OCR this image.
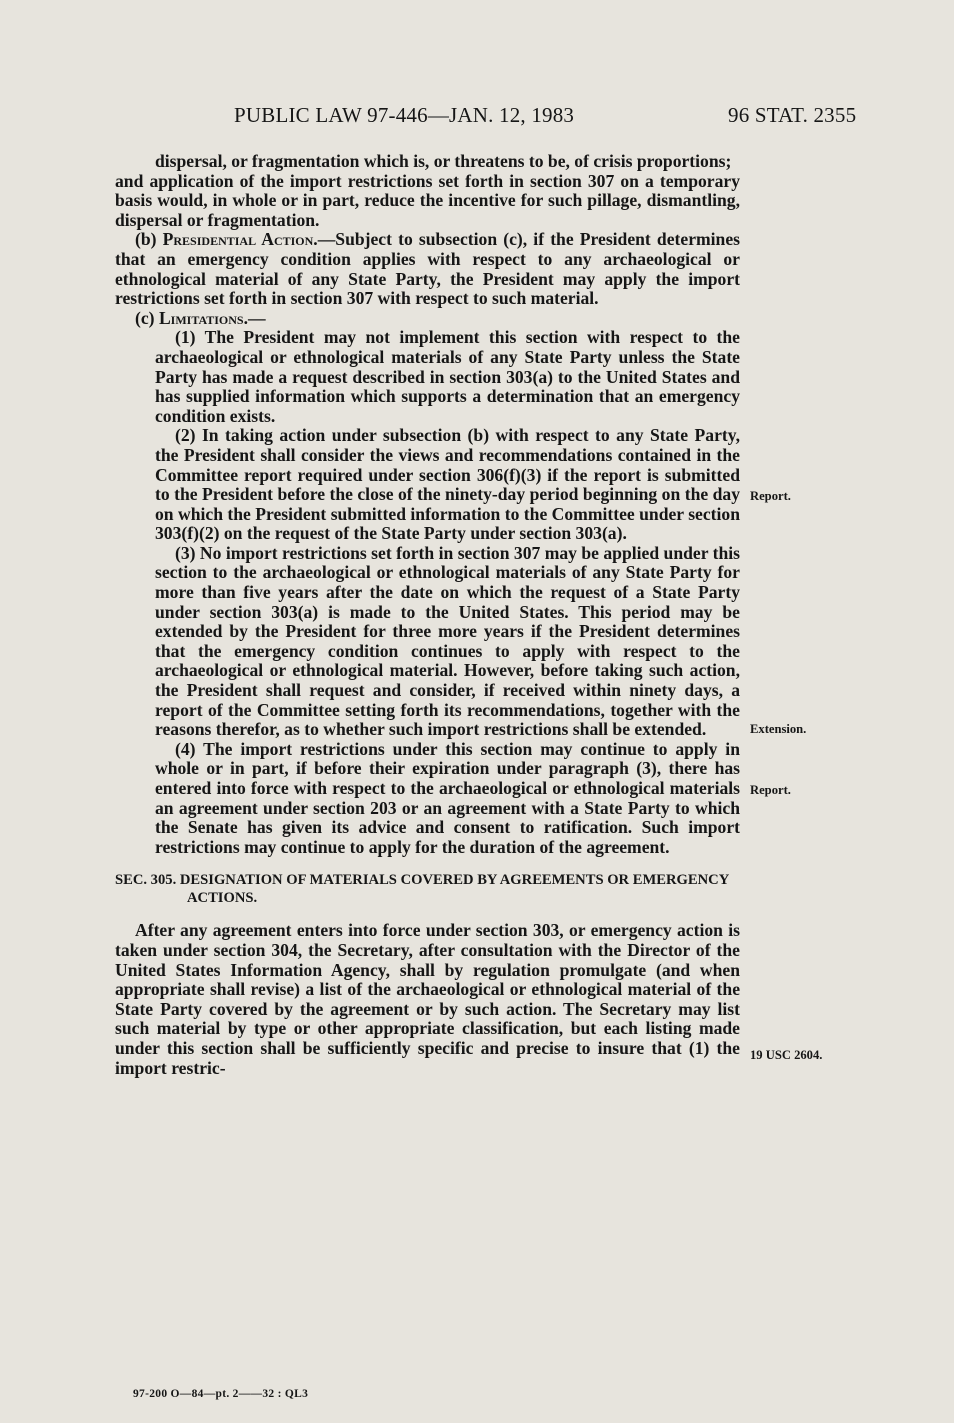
PUBLIC LAW 97-446—JAN. 12, 1983	96 STAT. 2355

dispersal, or fragmentation which is, or threatens to be, of crisis proportions;

and application of the import restrictions set forth in section 307 on a temporary basis would, in whole or in part, reduce the incentive for such pillage, dismantling, dispersal or fragmentation.

(b) Presidential Action.—Subject to subsection (c), if the President determines that an emergency condition applies with respect to any archaeological or ethnological material of any State Party, the President may apply the import restrictions set forth in section 307 with respect to such material.

(c) Limitations.—

(1) The President may not implement this section with respect to the archaeological or ethnological materials of any State Party unless the State Party has made a request described in section 303(a) to the United States and has supplied information which supports a determination that an emergency condition exists.

(2) In taking action under subsection (b) with respect to any State Party, the President shall consider the views and recommendations contained in the Committee report required under section 306(f)(3) if the report is submitted to the President before the close of the ninety-day period beginning on the day on which the President submitted information to the Committee under section 303(f)(2) on the request of the State Party under section 303(a).

(3) No import restrictions set forth in section 307 may be applied under this section to the archaeological or ethnological materials of any State Party for more than five years after the date on which the request of a State Party under section 303(a) is made to the United States. This period may be extended by the President for three more years if the President determines that the emergency condition continues to apply with respect to the archaeological or ethnological material. However, before taking such action, the President shall request and consider, if received within ninety days, a report of the Committee setting forth its recommendations, together with the reasons therefor, as to whether such import restrictions shall be extended.

(4) The import restrictions under this section may continue to apply in whole or in part, if before their expiration under paragraph (3), there has entered into force with respect to the archaeological or ethnological materials an agreement under section 203 or an agreement with a State Party to which the Senate has given its advice and consent to ratification. Such import restrictions may continue to apply for the duration of the agreement.

SEC. 305. DESIGNATION OF MATERIALS COVERED BY AGREEMENTS OR EMERGENCY ACTIONS.

After any agreement enters into force under section 303, or emergency action is taken under section 304, the Secretary, after consultation with the Director of the United States Information Agency, shall by regulation promulgate (and when appropriate shall revise) a list of the archaeological or ethnological material of the State Party covered by the agreement or by such action. The Secretary may list such material by type or other appropriate classification, but each listing made under this section shall be sufficiently specific and precise to insure that (1) the import restric-

Report.
Extension.
Report.
19 USC 2604.
97-200 O—84—pt. 2——32 : QL3
